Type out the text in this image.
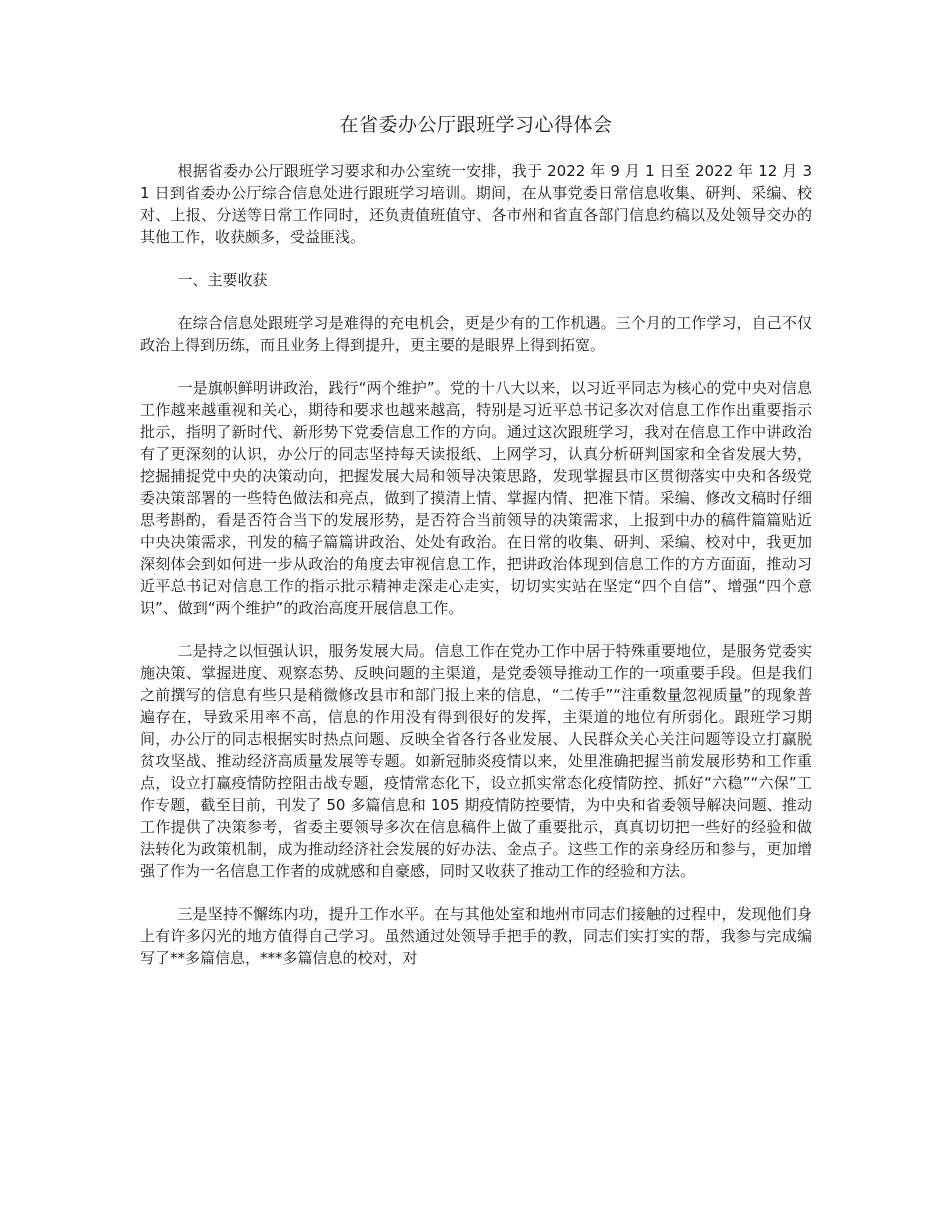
在省委办公厅跟班学习心得体会

根据省委办公厅跟班学习要求和办公室统一安排，我于 2022 年 9 月 1 日至 2022 年 12 月 31 日到省委办公厅综合信息处进行跟班学习培训。期间，在从事党委日常信息收集、研判、采编、校对、上报、分送等日常工作同时，还负责值班值守、各市州和省直各部门信息约稿以及处领导交办的其他工作，收获颇多，受益匪浅。

一、主要收获

在综合信息处跟班学习是难得的充电机会，更是少有的工作机遇。三个月的工作学习，自己不仅政治上得到历练，而且业务上得到提升，更主要的是眼界上得到拓宽。

一是旗帜鲜明讲政治，践行“两个维护”。党的十八大以来，以习近平同志为核心的党中央对信息工作越来越重视和关心，期待和要求也越来越高，特别是习近平总书记多次对信息工作作出重要指示批示，指明了新时代、新形势下党委信息工作的方向。通过这次跟班学习，我对在信息工作中讲政治有了更深刻的认识，办公厅的同志坚持每天读报纸、上网学习，认真分析研判国家和全省发展大势，挖掘捕捉党中央的决策动向，把握发展大局和领导决策思路，发现掌握县市区贯彻落实中央和各级党委决策部署的一些特色做法和亮点，做到了摸清上情、掌握内情、把准下情。采编、修改文稿时仔细思考斟酌，看是否符合当下的发展形势，是否符合当前领导的决策需求，上报到中办的稿件篇篇贴近中央决策需求，刊发的稿子篇篇讲政治、处处有政治。在日常的收集、研判、采编、校对中，我更加深刻体会到如何进一步从政治的角度去审视信息工作，把讲政治体现到信息工作的方方面面，推动习近平总书记对信息工作的指示批示精神走深走心走实，切切实实站在坚定“四个自信”、增强“四个意识”、做到“两个维护”的政治高度开展信息工作。

二是持之以恒强认识，服务发展大局。信息工作在党办工作中居于特殊重要地位，是服务党委实施决策、掌握进度、观察态势、反映问题的主渠道，是党委领导推动工作的一项重要手段。但是我们之前撰写的信息有些只是稍微修改县市和部门报上来的信息，“二传手”“注重数量忽视质量”的现象普遍存在，导致采用率不高，信息的作用没有得到很好的发挥，主渠道的地位有所弱化。跟班学习期间，办公厅的同志根据实时热点问题、反映全省各行各业发展、人民群众关心关注问题等设立打赢脱贫攻坚战、推动经济高质量发展等专题。如新冠肺炎疫情以来，处里准确把握当前发展形势和工作重点，设立打赢疫情防控阻击战专题，疫情常态化下，设立抓实常态化疫情防控、抓好“六稳”“六保”工作专题，截至目前，刊发了 50 多篇信息和 105 期疫情防控要情，为中央和省委领导解决问题、推动工作提供了决策参考，省委主要领导多次在信息稿件上做了重要批示，真真切切把一些好的经验和做法转化为政策机制，成为推动经济社会发展的好办法、金点子。这些工作的亲身经历和参与，更加增强了作为一名信息工作者的成就感和自豪感，同时又收获了推动工作的经验和方法。

三是坚持不懈练内功，提升工作水平。在与其他处室和地州市同志们接触的过程中，发现他们身上有许多闪光的地方值得自己学习。虽然通过处领导手把手的教，同志们实打实的帮，我参与完成编写了**多篇信息，***多篇信息的校对，对
